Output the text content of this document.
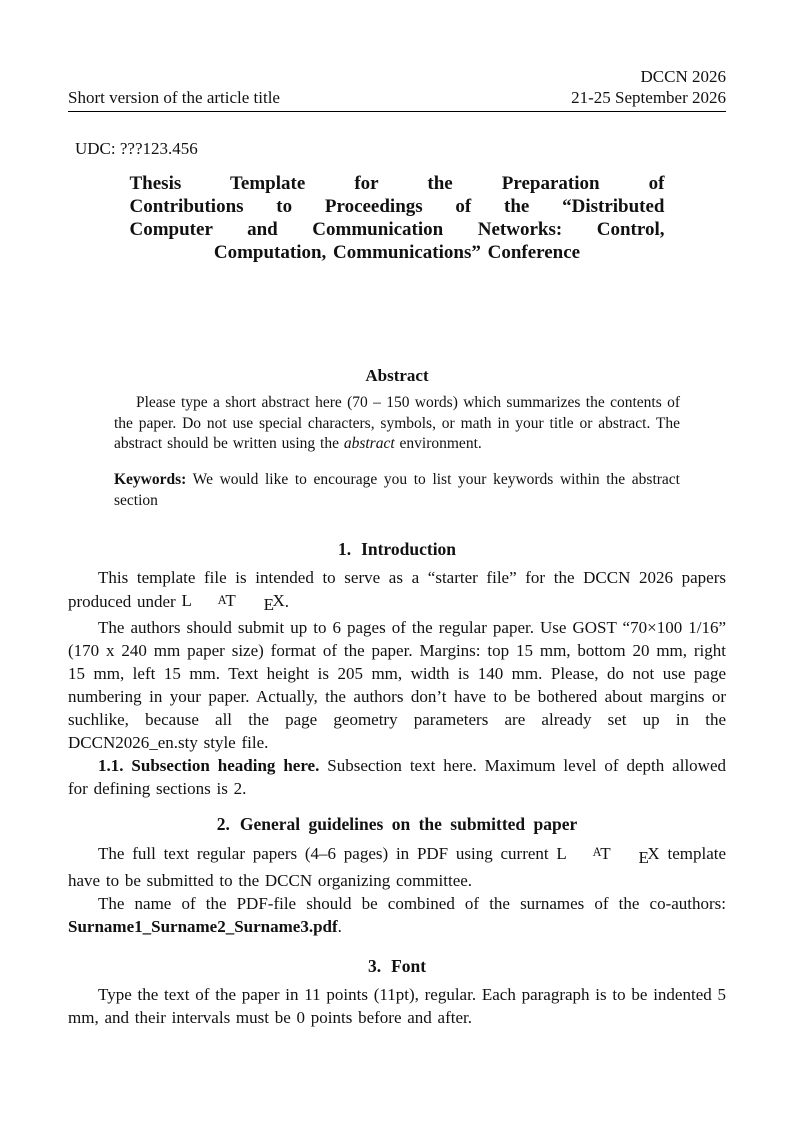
DCCN 2026
Short version of the article title	21-25 September 2026
UDC: ???123.456
Thesis Template for the Preparation of
Contributions to Proceedings of the “Distributed
Computer and Communication Networks: Control,
Computation, Communications” Conference
Abstract

Please type a short abstract here (70 – 150 words) which summarizes the contents of the paper. Do not use special characters, symbols, or math in your title or abstract. The abstract should be written using the abstract environment.

Keywords: We would like to encourage you to list your keywords within the abstract section

1. Introduction

This template file is intended to serve as a “starter file” for the DCCN 2026 papers produced under L AT EX.

The authors should submit up to 6 pages of the regular paper. Use GOST “70×100 1/16” (170 x 240 mm paper size) format of the paper. Margins: top 15 mm, bottom 20 mm, right 15 mm, left 15 mm. Text height is 205 mm, width is 140 mm. Please, do not use page numbering in your paper. Actually, the authors don’t have to be bothered about margins or suchlike, because all the page geometry parameters are already set up in the DCCN2026_en.sty style file.

1.1. Subsection heading here. Subsection text here. Maximum level of depth allowed for defining sections is 2.

2. General guidelines on the submitted paper

The full text regular papers (4–6 pages) in PDF using current L AT EX template have to be submitted to the DCCN organizing committee.

The name of the PDF-file should be combined of the surnames of the co-authors: Surname1_Surname2_Surname3.pdf.

3. Font

Type the text of the paper in 11 points (11pt), regular. Each paragraph is to be indented 5 mm, and their intervals must be 0 points before and after.
